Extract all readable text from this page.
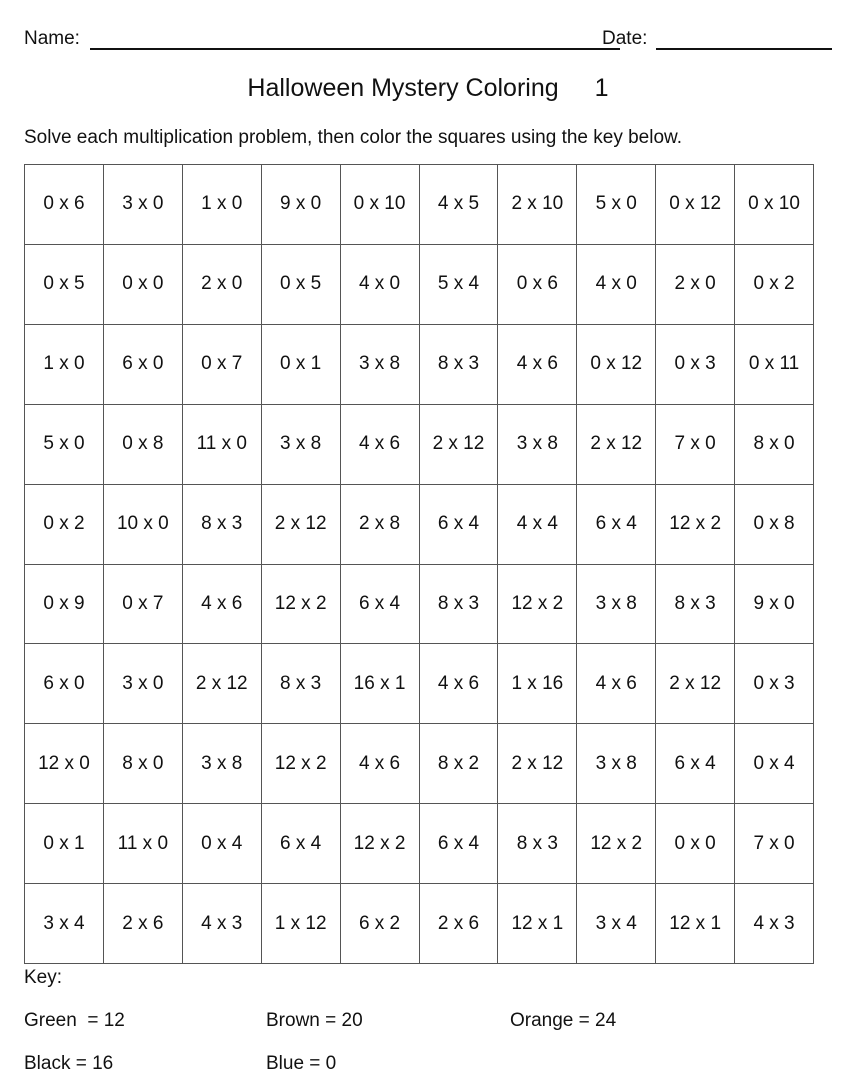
Name:	Date:
Halloween Mystery Coloring 1
Solve each multiplication problem, then color the squares using the key below.
0 x 6	3 x 0	1 x 0	9 x 0	0 x 10	4 x 5	2 x 10	5 x 0	0 x 12	0 x 10
0 x 5	0 x 0	2 x 0	0 x 5	4 x 0	5 x 4	0 x 6	4 x 0	2 x 0	0 x 2
1 x 0	6 x 0	0 x 7	0 x 1	3 x 8	8 x 3	4 x 6	0 x 12	0 x 3	0 x 11
5 x 0	0 x 8	11 x 0	3 x 8	4 x 6	2 x 12	3 x 8	2 x 12	7 x 0	8 x 0
0 x 2	10 x 0	8 x 3	2 x 12	2 x 8	6 x 4	4 x 4	6 x 4	12 x 2	0 x 8
0 x 9	0 x 7	4 x 6	12 x 2	6 x 4	8 x 3	12 x 2	3 x 8	8 x 3	9 x 0
6 x 0	3 x 0	2 x 12	8 x 3	16 x 1	4 x 6	1 x 16	4 x 6	2 x 12	0 x 3
12 x 0	8 x 0	3 x 8	12 x 2	4 x 6	8 x 2	2 x 12	3 x 8	6 x 4	0 x 4
0 x 1	11 x 0	0 x 4	6 x 4	12 x 2	6 x 4	8 x 3	12 x 2	0 x 0	7 x 0
3 x 4	2 x 6	4 x 3	1 x 12	6 x 2	2 x 6	12 x 1	3 x 4	12 x 1	4 x 3
Key:
Green  = 12	Brown = 20	Orange = 24
Black = 16	Blue = 0
